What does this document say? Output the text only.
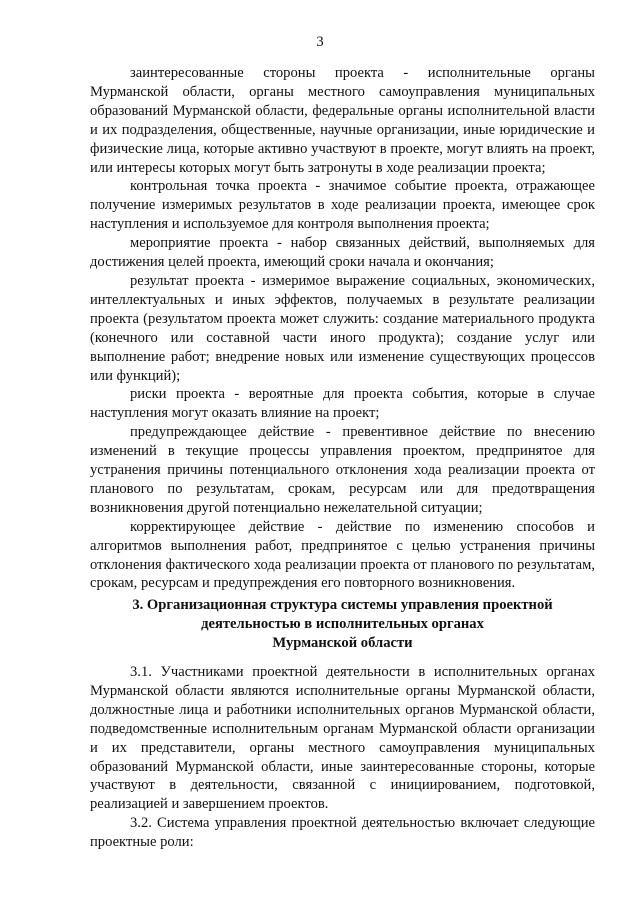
3

заинтересованные стороны проекта - исполнительные органы Мурманской области, органы местного самоуправления муниципальных образований Мурманской области, федеральные органы исполнительной власти и их подразделения, общественные, научные организации, иные юридические и физические лица, которые активно участвуют в проекте, могут влиять на проект, или интересы которых могут быть затронуты в ходе реализации проекта;

контрольная точка проекта - значимое событие проекта, отражающее получение измеримых результатов в ходе реализации проекта, имеющее срок наступления и используемое для контроля выполнения проекта;

мероприятие проекта - набор связанных действий, выполняемых для достижения целей проекта, имеющий сроки начала и окончания;

результат проекта - измеримое выражение социальных, экономических, интеллектуальных и иных эффектов, получаемых в результате реализации проекта (результатом проекта может служить: создание материального продукта (конечного или составной части иного продукта); создание услуг или выполнение работ; внедрение новых или изменение существующих процессов или функций);

риски проекта - вероятные для проекта события, которые в случае наступления могут оказать влияние на проект;

предупреждающее действие - превентивное действие по внесению изменений в текущие процессы управления проектом, предпринятое для устранения причины потенциального отклонения хода реализации проекта от планового по результатам, срокам, ресурсам или для предотвращения возникновения другой потенциально нежелательной ситуации;

корректирующее действие - действие по изменению способов и алгоритмов выполнения работ, предпринятое с целью устранения причины отклонения фактического хода реализации проекта от планового по результатам, срокам, ресурсам и предупреждения его повторного возникновения.

3. Организационная структура системы управления проектной
деятельностью в исполнительных органах
Мурманской области

3.1. Участниками проектной деятельности в исполнительных органах Мурманской области являются исполнительные органы Мурманской области, должностные лица и работники исполнительных органов Мурманской области, подведомственные исполнительным органам Мурманской области организации и их представители, органы местного самоуправления муниципальных образований Мурманской области, иные заинтересованные стороны, которые участвуют в деятельности, связанной с инициированием, подготовкой, реализацией и завершением проектов.

3.2. Система управления проектной деятельностью включает следующие проектные роли:
